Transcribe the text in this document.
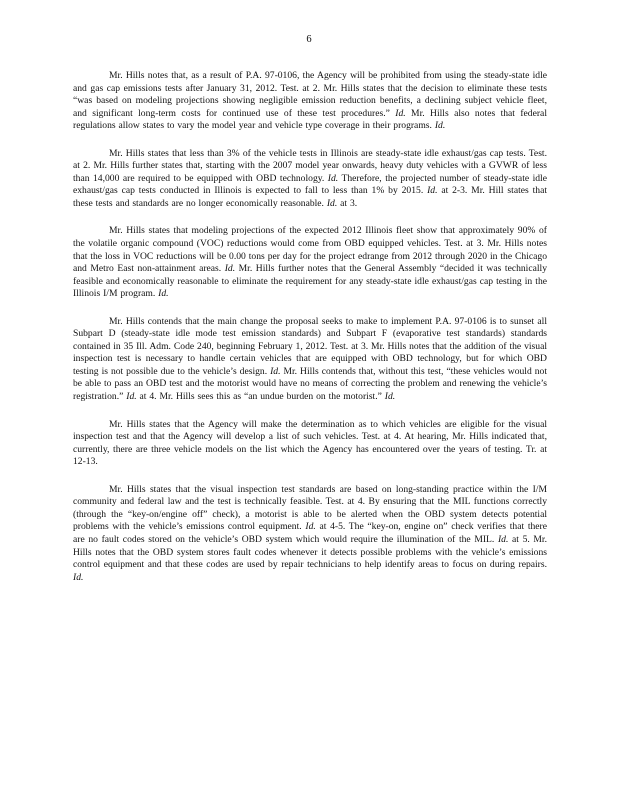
6

Mr. Hills notes that, as a result of P.A. 97-0106, the Agency will be prohibited from using the steady-state idle and gas cap emissions tests after January 31, 2012. Test. at 2. Mr. Hills states that the decision to eliminate these tests “was based on modeling projections showing negligible emission reduction benefits, a declining subject vehicle fleet, and significant long-term costs for continued use of these test procedures.” Id. Mr. Hills also notes that federal regulations allow states to vary the model year and vehicle type coverage in their programs. Id.

Mr. Hills states that less than 3% of the vehicle tests in Illinois are steady-state idle exhaust/gas cap tests. Test. at 2. Mr. Hills further states that, starting with the 2007 model year onwards, heavy duty vehicles with a GVWR of less than 14,000 are required to be equipped with OBD technology. Id. Therefore, the projected number of steady-state idle exhaust/gas cap tests conducted in Illinois is expected to fall to less than 1% by 2015. Id. at 2-3. Mr. Hill states that these tests and standards are no longer economically reasonable. Id. at 3.

Mr. Hills states that modeling projections of the expected 2012 Illinois fleet show that approximately 90% of the volatile organic compound (VOC) reductions would come from OBD equipped vehicles. Test. at 3. Mr. Hills notes that the loss in VOC reductions will be 0.00 tons per day for the project edrange from 2012 through 2020 in the Chicago and Metro East non-attainment areas. Id. Mr. Hills further notes that the General Assembly “decided it was technically feasible and economically reasonable to eliminate the requirement for any steady-state idle exhaust/gas cap testing in the Illinois I/M program. Id.

Mr. Hills contends that the main change the proposal seeks to make to implement P.A. 97-0106 is to sunset all Subpart D (steady-state idle mode test emission standards) and Subpart F (evaporative test standards) standards contained in 35 Ill. Adm. Code 240, beginning February 1, 2012. Test. at 3. Mr. Hills notes that the addition of the visual inspection test is necessary to handle certain vehicles that are equipped with OBD technology, but for which OBD testing is not possible due to the vehicle’s design. Id. Mr. Hills contends that, without this test, “these vehicles would not be able to pass an OBD test and the motorist would have no means of correcting the problem and renewing the vehicle’s registration.” Id. at 4. Mr. Hills sees this as “an undue burden on the motorist.” Id.

Mr. Hills states that the Agency will make the determination as to which vehicles are eligible for the visual inspection test and that the Agency will develop a list of such vehicles. Test. at 4. At hearing, Mr. Hills indicated that, currently, there are three vehicle models on the list which the Agency has encountered over the years of testing. Tr. at 12-13.

Mr. Hills states that the visual inspection test standards are based on long-standing practice within the I/M community and federal law and the test is technically feasible. Test. at 4. By ensuring that the MIL functions correctly (through the “key-on/engine off” check), a motorist is able to be alerted when the OBD system detects potential problems with the vehicle’s emissions control equipment. Id. at 4-5. The “key-on, engine on” check verifies that there are no fault codes stored on the vehicle’s OBD system which would require the illumination of the MIL. Id. at 5. Mr. Hills notes that the OBD system stores fault codes whenever it detects possible problems with the vehicle’s emissions control equipment and that these codes are used by repair technicians to help identify areas to focus on during repairs. Id.
